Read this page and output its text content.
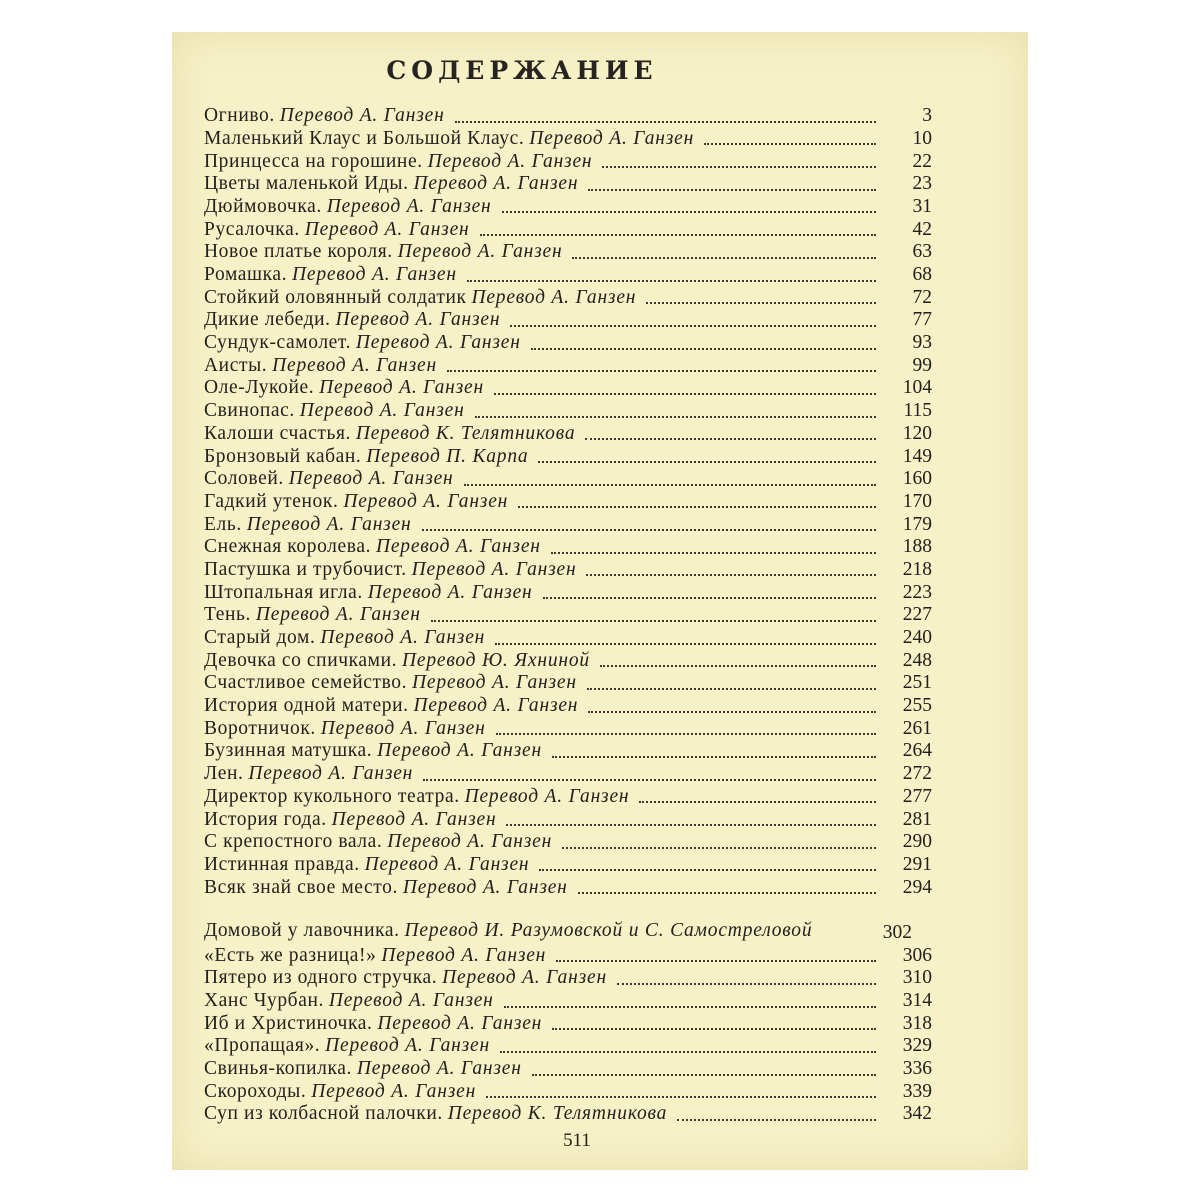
СОДЕРЖАНИЕ
Огниво. Перевод А. Ганзен	3
Маленький Клаус и Большой Клаус. Перевод А. Ганзен	10
Принцесса на горошине. Перевод А. Ганзен	22
Цветы маленькой Иды. Перевод А. Ганзен	23
Дюймовочка. Перевод А. Ганзен	31
Русалочка. Перевод А. Ганзен	42
Новое платье короля. Перевод А. Ганзен	63
Ромашка. Перевод А. Ганзен	68
Стойкий оловянный солдатик Перевод А. Ганзен	72
Дикие лебеди. Перевод А. Ганзен	77
Сундук-самолет. Перевод А. Ганзен	93
Аисты. Перевод А. Ганзен	99
Оле-Лукойе. Перевод А. Ганзен	104
Свинопас. Перевод А. Ганзен	115
Калоши счастья. Перевод К. Телятникова	120
Бронзовый кабан. Перевод П. Карпа	149
Соловей. Перевод А. Ганзен	160
Гадкий утенок. Перевод А. Ганзен	170
Ель. Перевод А. Ганзен	179
Снежная королева. Перевод А. Ганзен	188
Пастушка и трубочист. Перевод А. Ганзен	218
Штопальная игла. Перевод А. Ганзен	223
Тень. Перевод А. Ганзен	227
Старый дом. Перевод А. Ганзен	240
Девочка со спичками. Перевод Ю. Яхниной	248
Счастливое семейство. Перевод А. Ганзен	251
История одной матери. Перевод А. Ганзен	255
Воротничок. Перевод А. Ганзен	261
Бузинная матушка. Перевод А. Ганзен	264
Лен. Перевод А. Ганзен	272
Директор кукольного театра. Перевод А. Ганзен	277
История года. Перевод А. Ганзен	281
С крепостного вала. Перевод А. Ганзен	290
Истинная правда. Перевод А. Ганзен	291
Всяк знай свое место. Перевод А. Ганзен	294
Домовой у лавочника. Перевод И. Разумовской и С. Самостреловой	302
«Есть же разница!» Перевод А. Ганзен	306
Пятеро из одного стручка. Перевод А. Ганзен	310
Ханс Чурбан. Перевод А. Ганзен	314
Иб и Христиночка. Перевод А. Ганзен	318
«Пропащая». Перевод А. Ганзен	329
Свинья-копилка. Перевод А. Ганзен	336
Скороходы. Перевод А. Ганзен	339
Суп из колбасной палочки. Перевод К. Телятникова	342
511
